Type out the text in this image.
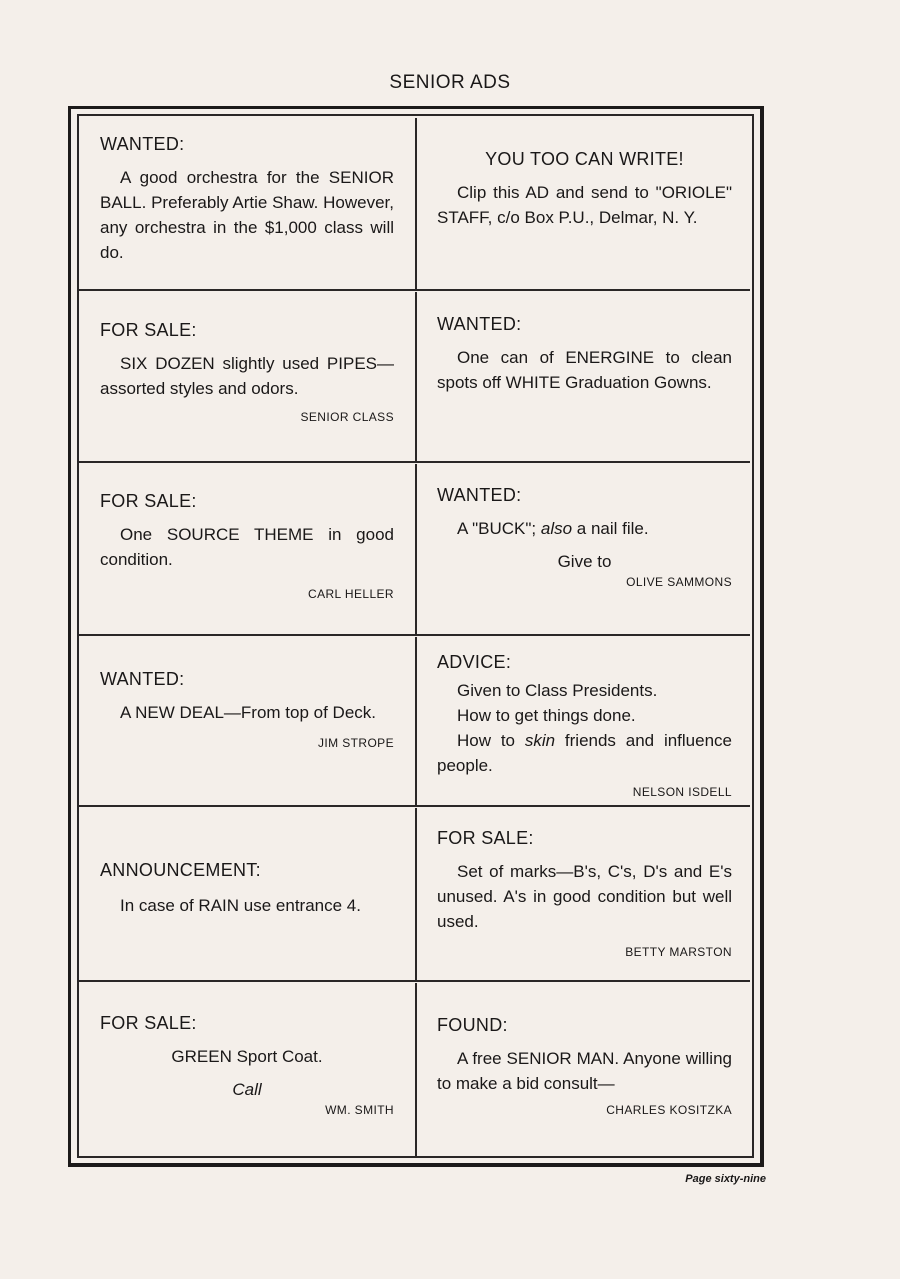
SENIOR ADS
WANTED:
A good orchestra for the SENIOR BALL. Preferably Artie Shaw. However, any orchestra in the $1,000 class will do.
YOU TOO CAN WRITE!
Clip this AD and send to "ORIOLE" STAFF, c/o Box P.U., Delmar, N. Y.
FOR SALE:
SIX DOZEN slightly used PIPES—assorted styles and odors.
SENIOR CLASS
WANTED:
One can of ENERGINE to clean spots off WHITE Graduation Gowns.
FOR SALE:
One SOURCE THEME in good condition.
CARL HELLER
WANTED:
A "BUCK"; also a nail file.
Give to
OLIVE SAMMONS
WANTED:
A NEW DEAL—From top of Deck.
JIM STROPE
ADVICE:
Given to Class Presidents.
How to get things done.
How to skin friends and influence people.
NELSON ISDELL
ANNOUNCEMENT:
In case of RAIN use entrance 4.
FOR SALE:
Set of marks—B's, C's, D's and E's unused. A's in good condition but well used.
BETTY MARSTON
FOR SALE:
GREEN Sport Coat.
Call
WM. SMITH
FOUND:
A free SENIOR MAN. Anyone willing to make a bid consult—
CHARLES KOSITZKA
Page sixty-nine
